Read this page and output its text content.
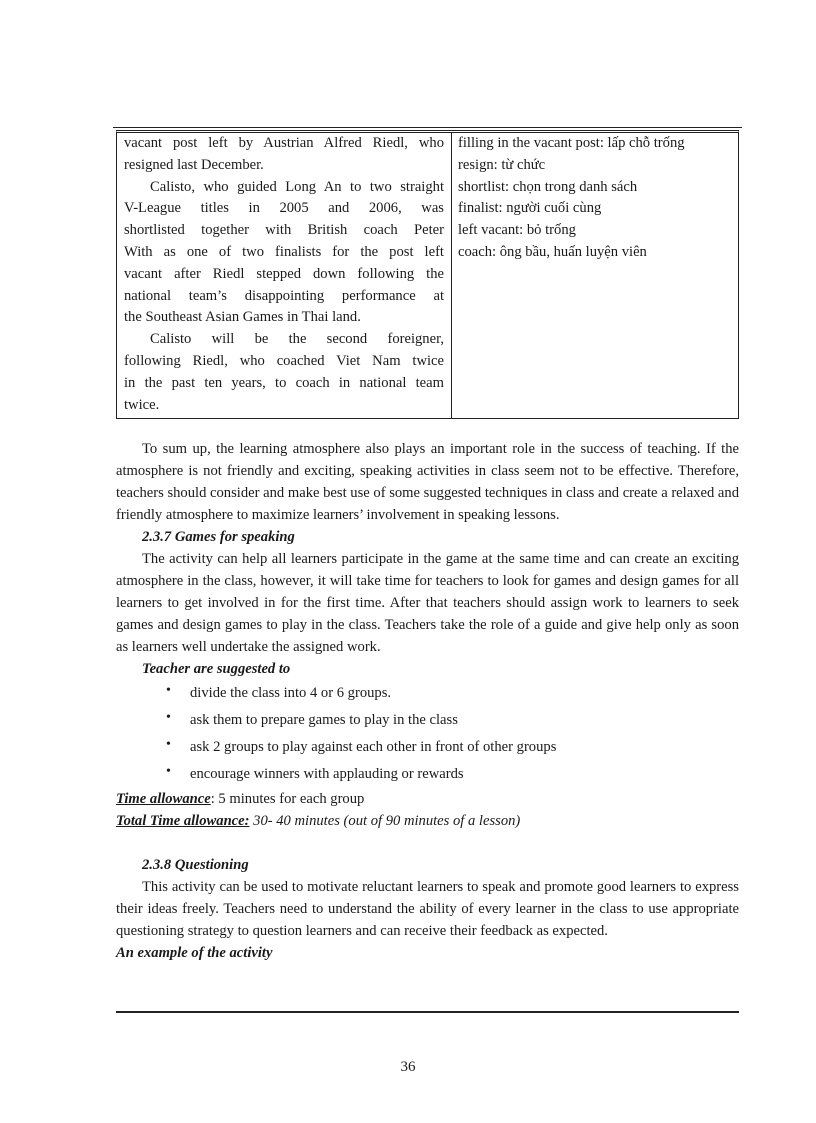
vacant post left by Austrian Alfred Riedl, who

resigned last December.

Calisto, who guided Long An to two straight

V-League titles in 2005 and 2006, was

shortlisted together with British coach Peter

With as one of two finalists for the post left

vacant after Riedl stepped down following the

national team’s disappointing performance at

the Southeast Asian Games in Thai land.

Calisto will be the second foreigner,

following Riedl, who coached Viet Nam twice

in the past ten years, to coach in national team

twice.

filling in the vacant post: lấp chỗ trống
resign: từ chức
shortlist: chọn trong danh sách
finalist: người cuối cùng
left vacant: bỏ trống
coach: ông bầu, huấn luyện viên

To sum up, the learning atmosphere also plays an important role in the success of teaching. If the atmosphere is not friendly and exciting, speaking activities in class seem not to be effective. Therefore, teachers should consider and make best use of some suggested techniques in class and create a relaxed and friendly atmosphere to maximize learners’ involvement in speaking lessons.

2.3.7 Games for speaking

The activity can help all learners participate in the game at the same time and can create an exciting atmosphere in the class, however, it will take time for teachers to look for games and design games for all learners to get involved in for the first time. After that teachers should assign work to learners to seek games and design games to play in the class. Teachers take the role of a guide and give help only as soon as learners well undertake the assigned work.

Teacher are suggested to

• divide the class into 4 or 6 groups.
• ask them to prepare games to play in the class
• ask 2 groups to play against each other in front of other groups
• encourage winners with applauding or rewards

Time allowance: 5 minutes for each group

Total Time allowance: 30- 40 minutes (out of 90 minutes of a lesson)

2.3.8 Questioning

This activity can be used to motivate reluctant learners to speak and promote good learners to express their ideas freely. Teachers need to understand the ability of every learner in the class to use appropriate questioning strategy to question learners and can receive their feedback as expected.

An example of the activity

36
